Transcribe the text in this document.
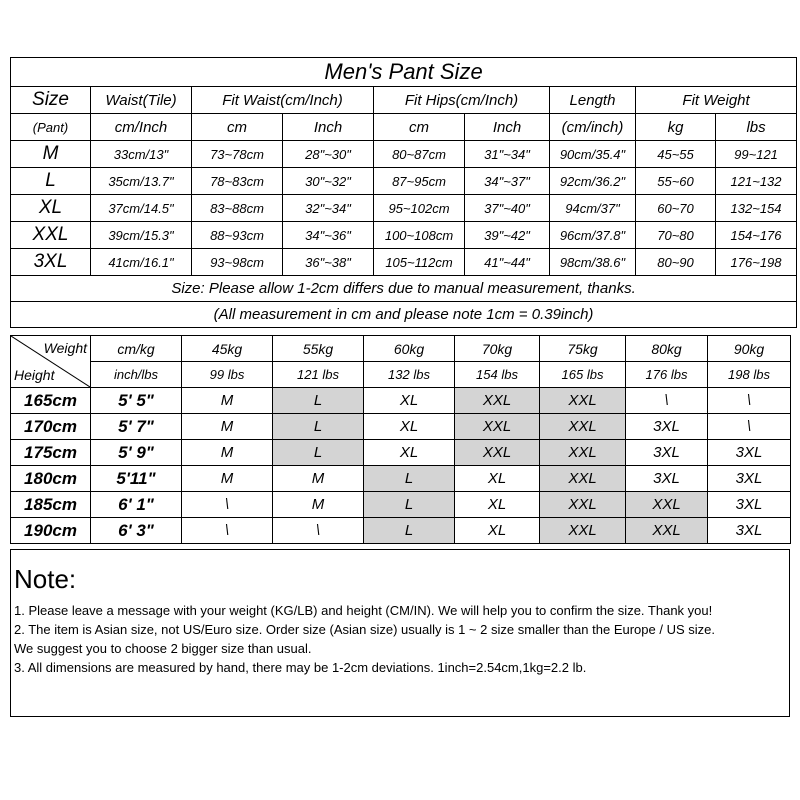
Men's Pant Size								
Size	Waist(Tile)	Fit Waist(cm/Inch)		Fit Hips(cm/Inch)		Length	Fit Weight	
(Pant)	cm/Inch	cm	Inch	cm	Inch	(cm/inch)	kg	lbs
M	33cm/13"	73~78cm	28"~30"	80~87cm	31"~34"	90cm/35.4"	45~55	99~121
L	35cm/13.7"	78~83cm	30"~32"	87~95cm	34"~37"	92cm/36.2"	55~60	121~132
XL	37cm/14.5"	83~88cm	32"~34"	95~102cm	37"~40"	94cm/37"	60~70	132~154
XXL	39cm/15.3"	88~93cm	34"~36"	100~108cm	39"~42"	96cm/37.8"	70~80	154~176
3XL	41cm/16.1"	93~98cm	36"~38"	105~112cm	41"~44"	98cm/38.6"	80~90	176~198
Size: Please allow 1-2cm differs due to manual measurement, thanks.								
(All measurement in cm and please note 1cm = 0.39inch)								
Weight
Height	cm/kg	45kg	55kg	60kg	70kg	75kg	80kg	90kg
	inch/lbs	99 lbs	121 lbs	132 lbs	154 lbs	165 lbs	176 lbs	198 lbs
165cm	5' 5"	M	L	XL	XXL	XXL	\	\
170cm	5' 7"	M	L	XL	XXL	XXL	3XL	\
175cm	5' 9"	M	L	XL	XXL	XXL	3XL	3XL
180cm	5'11"	M	M	L	XL	XXL	3XL	3XL
185cm	6' 1"	\	M	L	XL	XXL	XXL	3XL
190cm	6' 3"	\	\	L	XL	XXL	XXL	3XL
Note:
1. Please leave a message with your weight (KG/LB) and height (CM/IN). We will help you to confirm the size. Thank you!
2. The item is Asian size, not US/Euro size. Order size (Asian size) usually is 1 ~ 2 size smaller than the Europe / US size.
We suggest you to choose 2 bigger size than usual.
3. All dimensions are measured by hand, there may be 1-2cm deviations. 1inch=2.54cm,1kg=2.2 lb.
